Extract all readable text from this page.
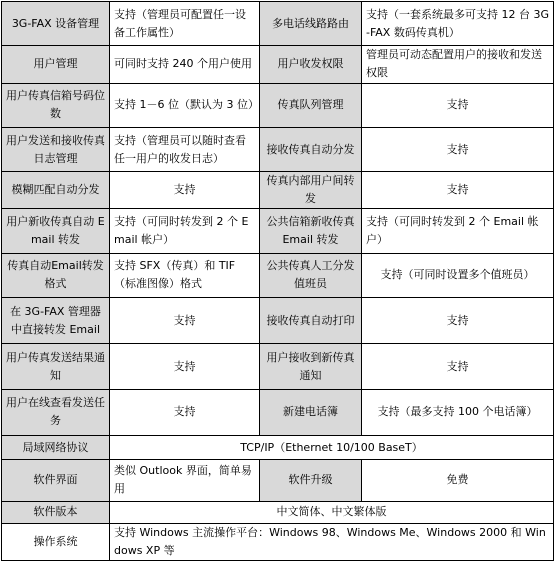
3G-FAX 设备管理	支持（管理员可配置任一设备工作属性）	多电话线路路由	支持（一套系统最多可支持 12 台 3G-FAX 数码传真机）
用户管理	可同时支持 240 个用户使用	用户收发权限	管理员可动态配置用户的接收和发送权限
用户传真信箱号码位数	支持 1－6 位（默认为 3 位）	传真队列管理	支持
用户发送和接收传真日志管理	支持（管理员可以随时查看任一用户的收发日志）	接收传真自动分发	支持
模糊匹配自动分发	支持	传真内部用户间转发	支持
用户新收传真自动 Email 转发	支持（可同时转发到 2 个 Email 帐户）	公共信箱新收传真 Email 转发	支持（可同时转发到 2 个 Email 帐户）
传真自动Email转发格式	支持 SFX（传真）和 TIF（标准图像）格式	公共传真人工分发值班员	支持（可同时设置多个值班员）
在 3G-FAX 管理器中直接转发 Email	支持	接收传真自动打印	支持
用户传真发送结果通知	支持	用户接收到新传真通知	支持
用户在线查看发送任务	支持	新建电话簿	支持（最多支持 100 个电话簿）
局域网络协议	TCP/IP（Ethernet 10/100 BaseT）		
软件界面	类似 Outlook 界面，简单易用	软件升级	免费
软件版本	中文简体、中文繁体版		
操作系统	支持 Windows 主流操作平台：Windows 98、Windows Me、Windows 2000 和 Windows XP 等		
